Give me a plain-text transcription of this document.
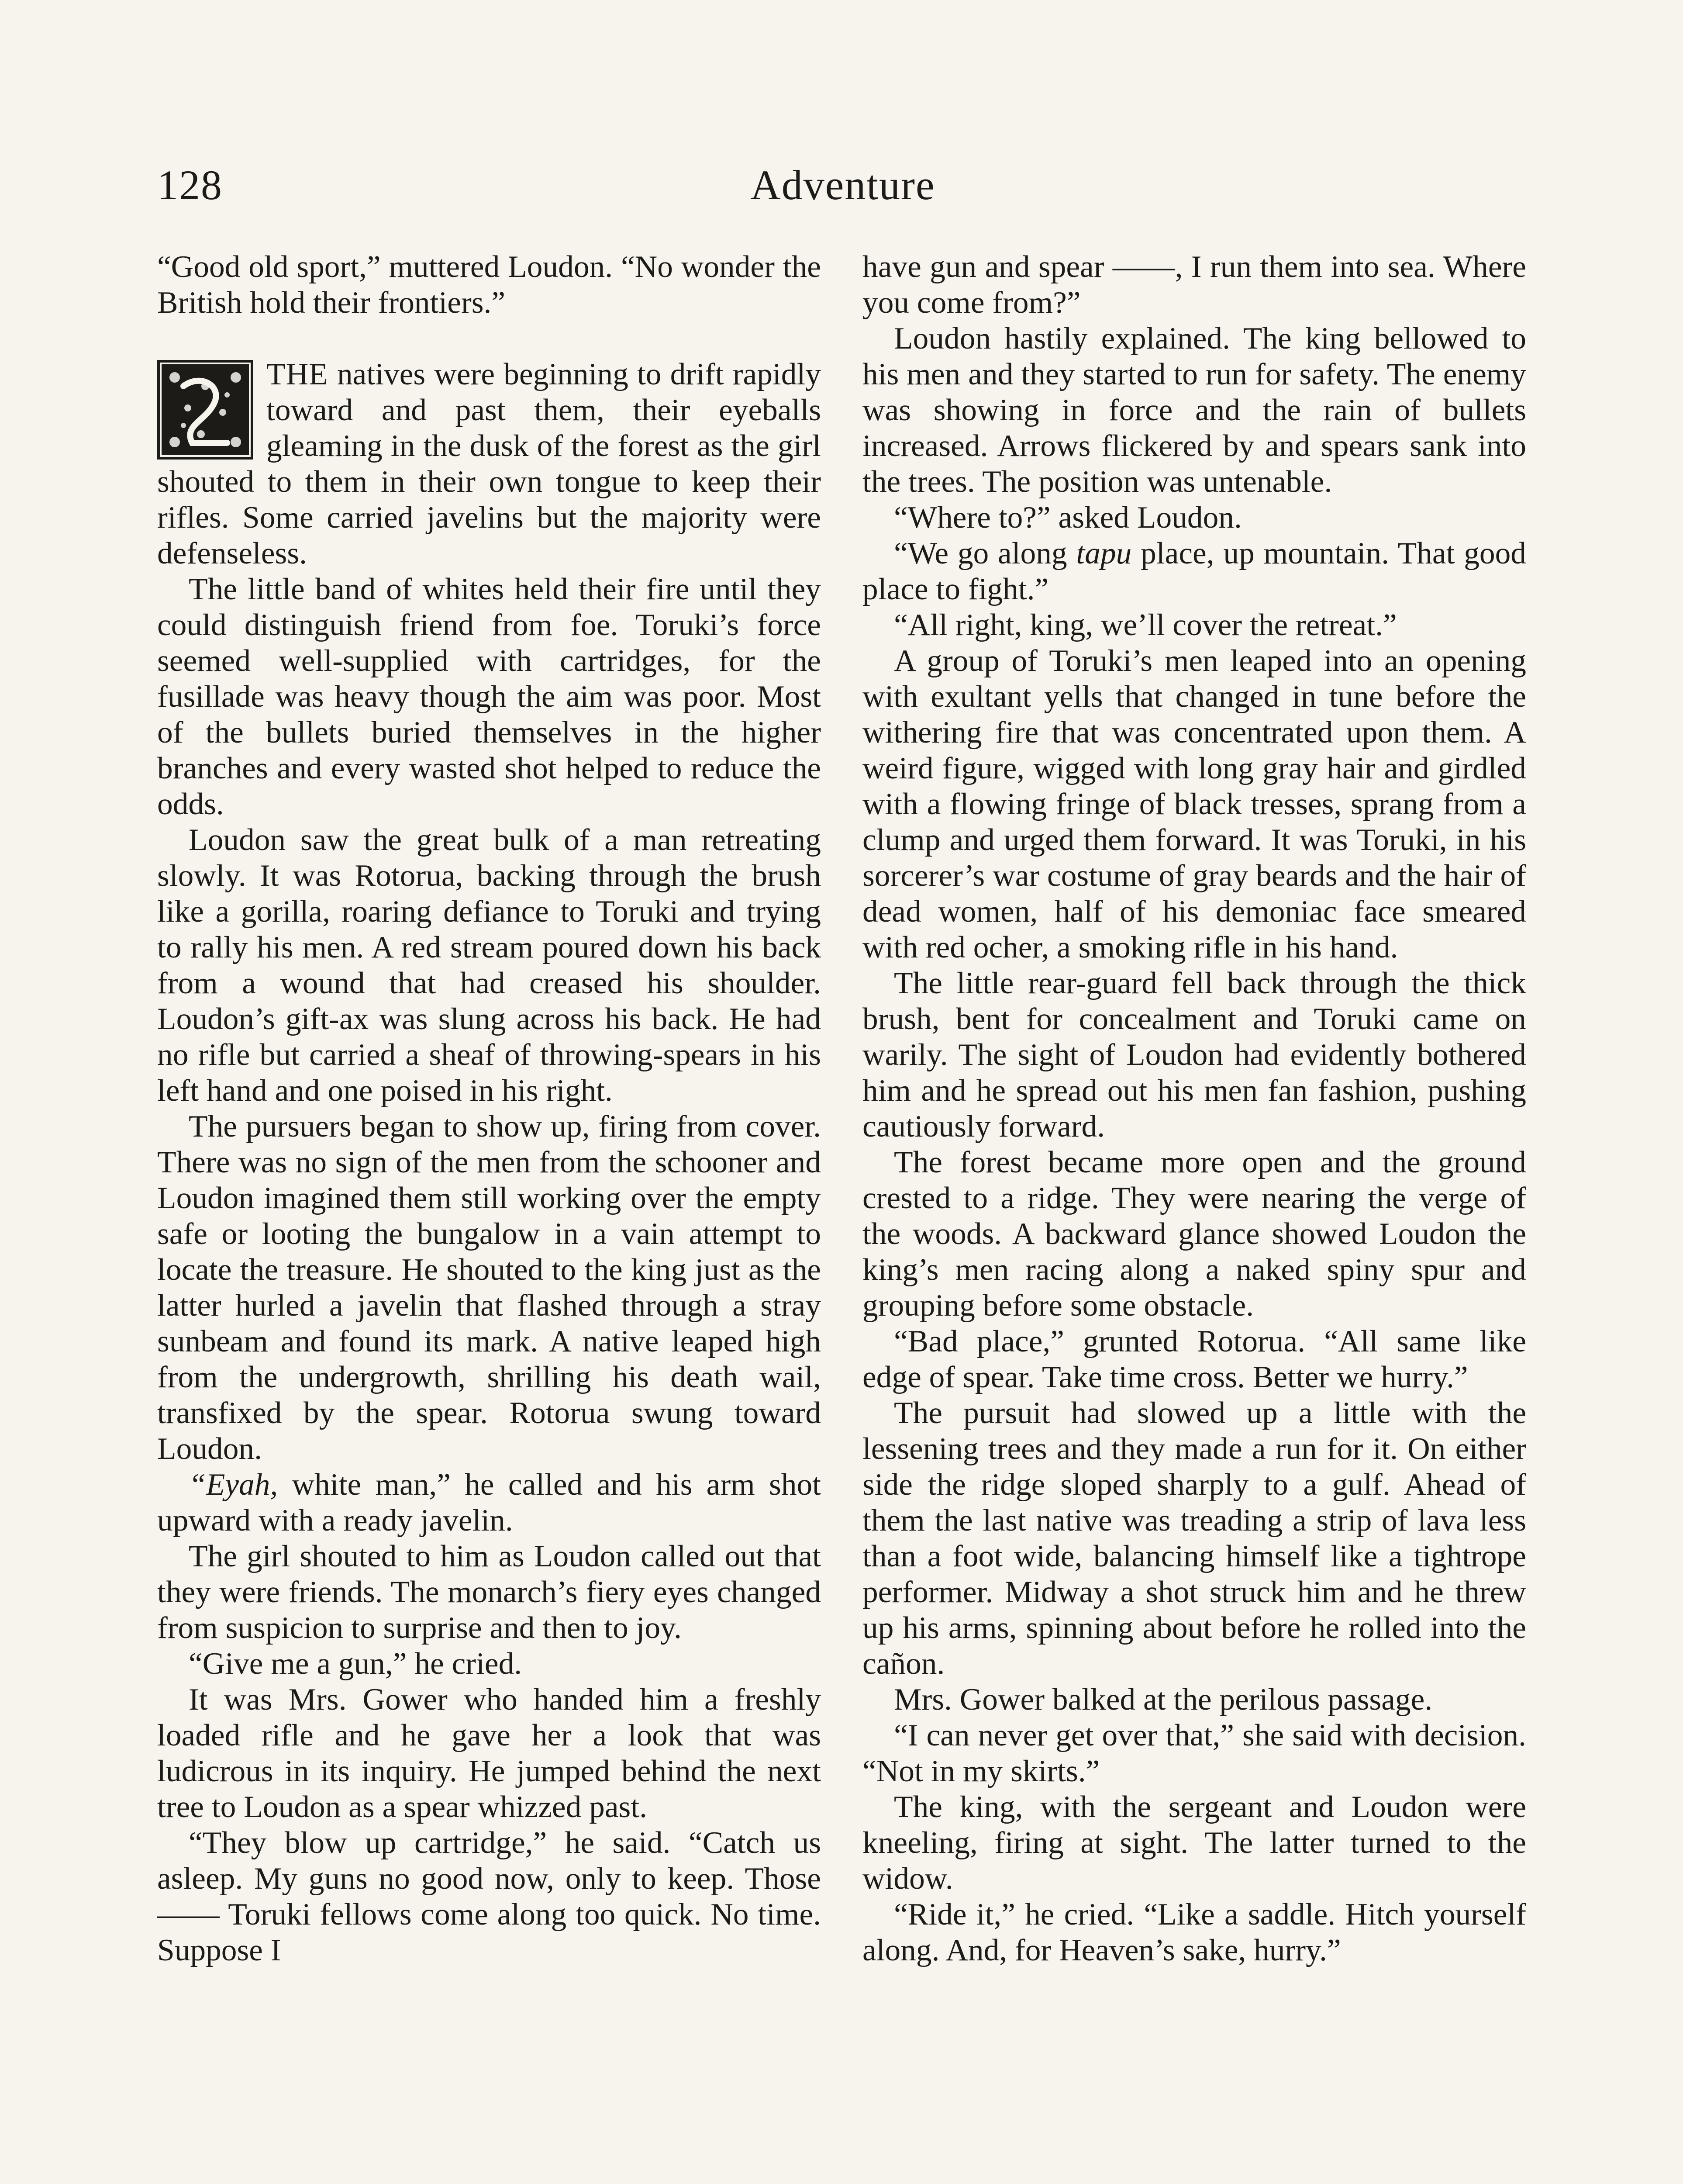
128	Adventure

“Good old sport,” muttered Loudon. “No wonder the British hold their frontiers.”

THE natives were beginning to drift rapidly toward and past them, their eyeballs gleaming in the dusk of the forest as the girl shouted to them in their own tongue to keep their rifles. Some carried javelins but the majority were defenseless.

The little band of whites held their fire until they could distinguish friend from foe. Toruki’s force seemed well-supplied with cartridges, for the fusillade was heavy though the aim was poor. Most of the bullets buried themselves in the higher branches and every wasted shot helped to reduce the odds.

Loudon saw the great bulk of a man retreating slowly. It was Rotorua, backing through the brush like a gorilla, roaring defiance to Toruki and trying to rally his men. A red stream poured down his back from a wound that had creased his shoulder. Loudon’s gift-ax was slung across his back. He had no rifle but carried a sheaf of throwing-spears in his left hand and one poised in his right.

The pursuers began to show up, firing from cover. There was no sign of the men from the schooner and Loudon imagined them still working over the empty safe or looting the bungalow in a vain attempt to locate the treasure. He shouted to the king just as the latter hurled a javelin that flashed through a stray sunbeam and found its mark. A native leaped high from the undergrowth, shrilling his death wail, transfixed by the spear. Rotorua swung toward Loudon.

“Eyah, white man,” he called and his arm shot upward with a ready javelin.

The girl shouted to him as Loudon called out that they were friends. The monarch’s fiery eyes changed from suspicion to surprise and then to joy.

“Give me a gun,” he cried.

It was Mrs. Gower who handed him a freshly loaded rifle and he gave her a look that was ludicrous in its inquiry. He jumped behind the next tree to Loudon as a spear whizzed past.

“They blow up cartridge,” he said. “Catch us asleep. My guns no good now, only to keep. Those —— Toruki fellows come along too quick. No time. Suppose I

have gun and spear ——, I run them into sea. Where you come from?”

Loudon hastily explained. The king bellowed to his men and they started to run for safety. The enemy was showing in force and the rain of bullets increased. Arrows flickered by and spears sank into the trees. The position was untenable.

“Where to?” asked Loudon.

“We go along tapu place, up mountain. That good place to fight.”

“All right, king, we’ll cover the retreat.”

A group of Toruki’s men leaped into an opening with exultant yells that changed in tune before the withering fire that was concentrated upon them. A weird figure, wigged with long gray hair and girdled with a flowing fringe of black tresses, sprang from a clump and urged them forward. It was Toruki, in his sorcerer’s war costume of gray beards and the hair of dead women, half of his demoniac face smeared with red ocher, a smoking rifle in his hand.

The little rear-guard fell back through the thick brush, bent for concealment and Toruki came on warily. The sight of Loudon had evidently bothered him and he spread out his men fan fashion, pushing cautiously forward.

The forest became more open and the ground crested to a ridge. They were nearing the verge of the woods. A backward glance showed Loudon the king’s men racing along a naked spiny spur and grouping before some obstacle.

“Bad place,” grunted Rotorua. “All same like edge of spear. Take time cross. Better we hurry.”

The pursuit had slowed up a little with the lessening trees and they made a run for it. On either side the ridge sloped sharply to a gulf. Ahead of them the last native was treading a strip of lava less than a foot wide, balancing himself like a tightrope performer. Midway a shot struck him and he threw up his arms, spinning about before he rolled into the cañon.

Mrs. Gower balked at the perilous passage.

“I can never get over that,” she said with decision. “Not in my skirts.”

The king, with the sergeant and Loudon were kneeling, firing at sight. The latter turned to the widow.

“Ride it,” he cried. “Like a saddle. Hitch yourself along. And, for Heaven’s sake, hurry.”
